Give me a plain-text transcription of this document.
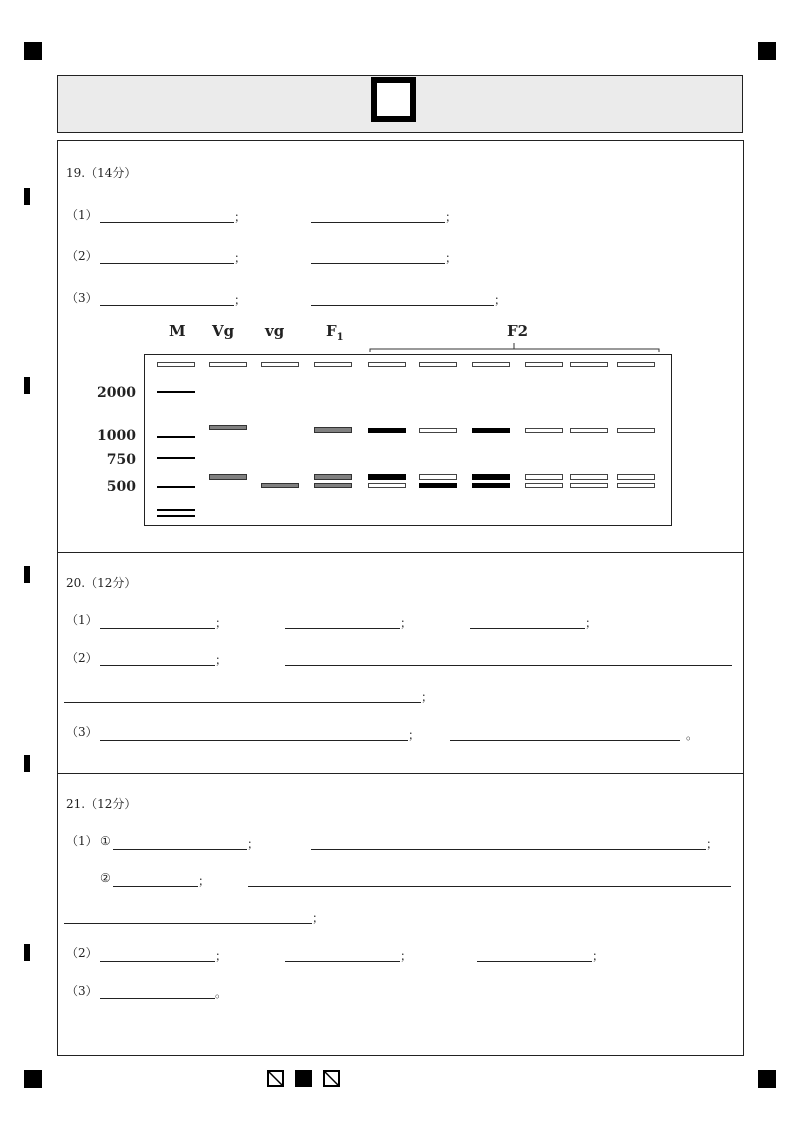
19.（14分）
（1）	；	；
（2）	；	；
（3）	；	；
M Vg vg	$F_1$	F2
2000
1000
750
500
20.（12分）
（1）	；	；	；
（2）	；
；
（3）	；	。
21.（12分）
（1） ①	；	；
②	；
；
（2）	；	；	；
（3）	。
